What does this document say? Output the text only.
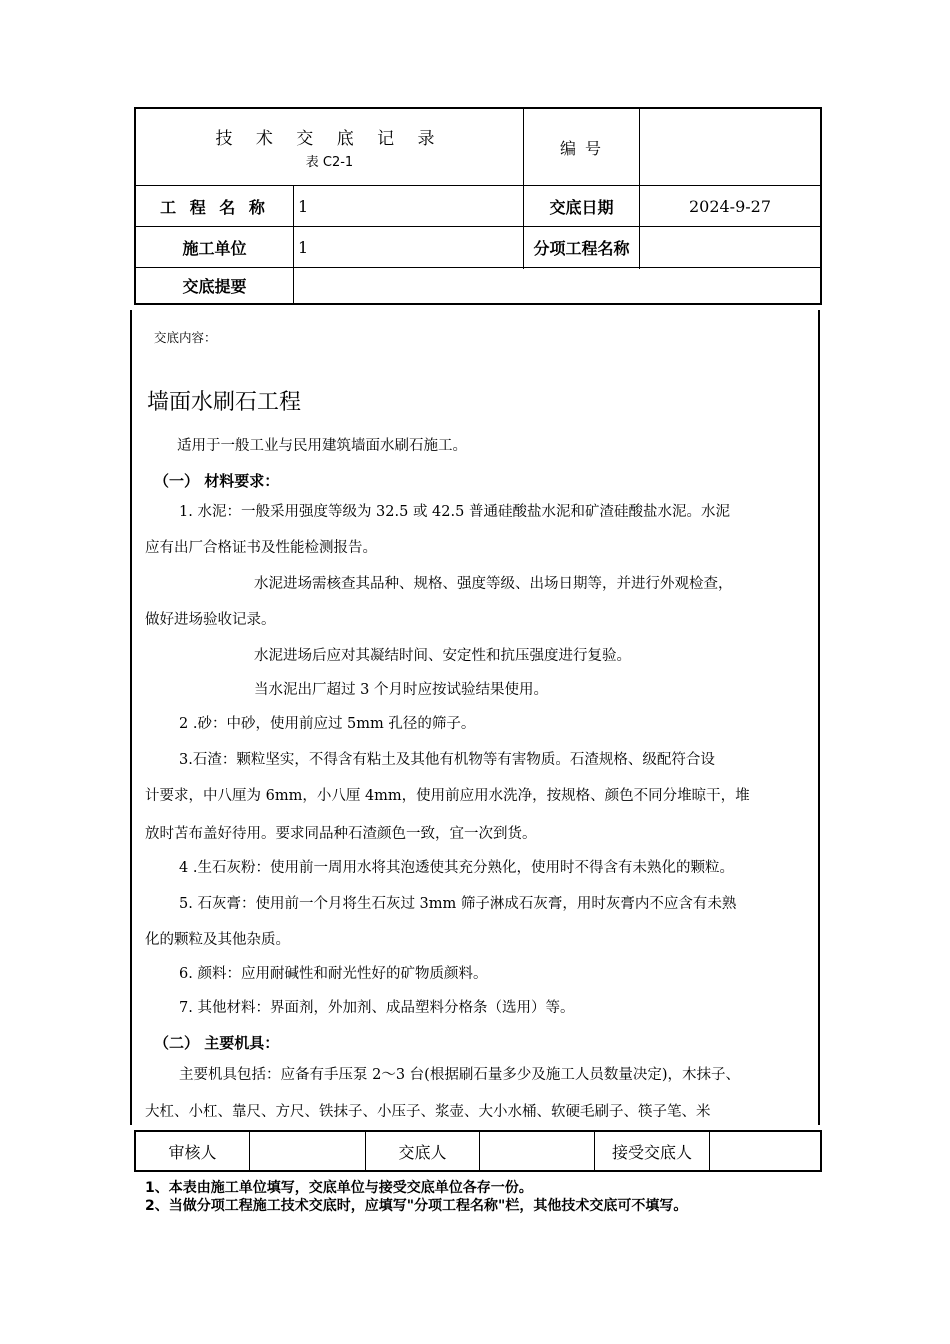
技 术 交 底 记 录
表 C2-1
编 号
工 程 名 称	1	交底日期	2024-9-27
施工单位	1	分项工程名称
交底提要
交底内容：
墙面水刷石工程

适用于一般工业与民用建筑墙面水刷石施工。

（一） 材料要求：

1. 水泥：一般采用强度等级为 32.5 或 42.5 普通硅酸盐水泥和矿渣硅酸盐水泥。水泥

应有出厂合格证书及性能检测报告。

水泥进场需核查其品种、规格、强度等级、出场日期等，并进行外观检查，

做好进场验收记录。

水泥进场后应对其凝结时间、安定性和抗压强度进行复验。

当水泥出厂超过 3 个月时应按试验结果使用。

2 .砂：中砂，使用前应过 5mm 孔径的筛子。

3.石渣：颗粒坚实，不得含有粘土及其他有机物等有害物质。石渣规格、级配符合设

计要求，中八厘为 6mm，小八厘 4mm，使用前应用水洗净，按规格、颜色不同分堆晾干，堆

放时苫布盖好待用。要求同品种石渣颜色一致，宜一次到货。

4 .生石灰粉：使用前一周用水将其泡透使其充分熟化，使用时不得含有未熟化的颗粒。

5. 石灰膏：使用前一个月将生石灰过 3mm 筛子淋成石灰膏，用时灰膏内不应含有未熟

化的颗粒及其他杂质。

6. 颜料：应用耐碱性和耐光性好的矿物质颜料。

7. 其他材料：界面剂，外加剂、成品塑料分格条（选用）等。

（二） 主要机具：

主要机具包括：应备有手压泵 2～3 台(根据刷石量多少及施工人员数量决定)，木抹子、

大杠、小杠、靠尺、方尺、铁抹子、小压子、浆壶、大小水桶、软硬毛刷子、筷子笔、米

审核人	交底人	接受交底人
1、本表由施工单位填写，交底单位与接受交底单位各存一份。
2、当做分项工程施工技术交底时，应填写"分项工程名称"栏，其他技术交底可不填写。
